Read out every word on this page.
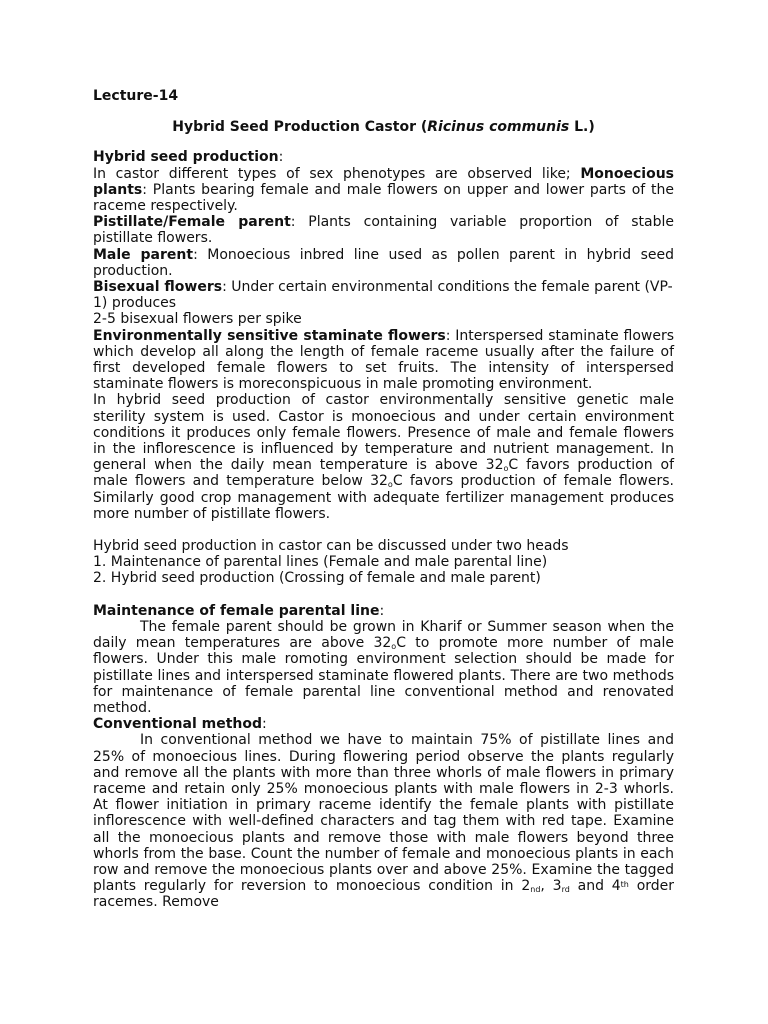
Lecture-14

Hybrid Seed Production Castor (Ricinus communis L.)

Hybrid seed production:

In castor different types of sex phenotypes are observed like; Monoecious plants: Plants bearing female and male flowers on upper and lower parts of the raceme respectively.

Pistillate/Female parent: Plants containing variable proportion of stable pistillate flowers.

Male parent: Monoecious inbred line used as pollen parent in hybrid seed production.

Bisexual flowers: Under certain environmental conditions the female parent (VP-1) produces

2-5 bisexual flowers per spike

Environmentally sensitive staminate flowers: Interspersed staminate flowers which develop all along the length of female raceme usually after the failure of first developed female flowers to set fruits. The intensity of interspersed staminate flowers is moreconspicuous in male promoting environment.

In hybrid seed production of castor environmentally sensitive genetic male sterility system is used. Castor is monoecious and under certain environment conditions it produces only female flowers. Presence of male and female flowers in the inflorescence is influenced by temperature and nutrient management. In general when the daily mean temperature is above $32_oC$ favors production of male flowers and temperature below $32_oC$ favors production of female flowers. Similarly good crop management with adequate fertilizer management produces more number of pistillate flowers.

Hybrid seed production in castor can be discussed under two heads

1. Maintenance of parental lines (Female and male parental line)

2. Hybrid seed production (Crossing of female and male parent)

Maintenance of female parental line:

The female parent should be grown in Kharif or Summer season when the daily mean temperatures are above $32_oC$ to promote more number of male flowers. Under this male romoting environment selection should be made for pistillate lines and interspersed staminate flowered plants. There are two methods for maintenance of female parental line conventional method and renovated method.

Conventional method:

In conventional method we have to maintain 75% of pistillate lines and 25% of monoecious lines. During flowering period observe the plants regularly and remove all the plants with more than three whorls of male flowers in primary raceme and retain only 25% monoecious plants with male flowers in 2-3 whorls. At flower initiation in primary raceme identify the female plants with pistillate inflorescence with well-defined characters and tag them with red tape. Examine all the monoecious plants and remove those with male flowers beyond three whorls from the base. Count the number of female and monoecious plants in each row and remove the monoecious plants over and above 25%. Examine the tagged plants regularly for reversion to monoecious condition in $2_{nd}$, $3_{rd}$ and 4th order racemes. Remove
